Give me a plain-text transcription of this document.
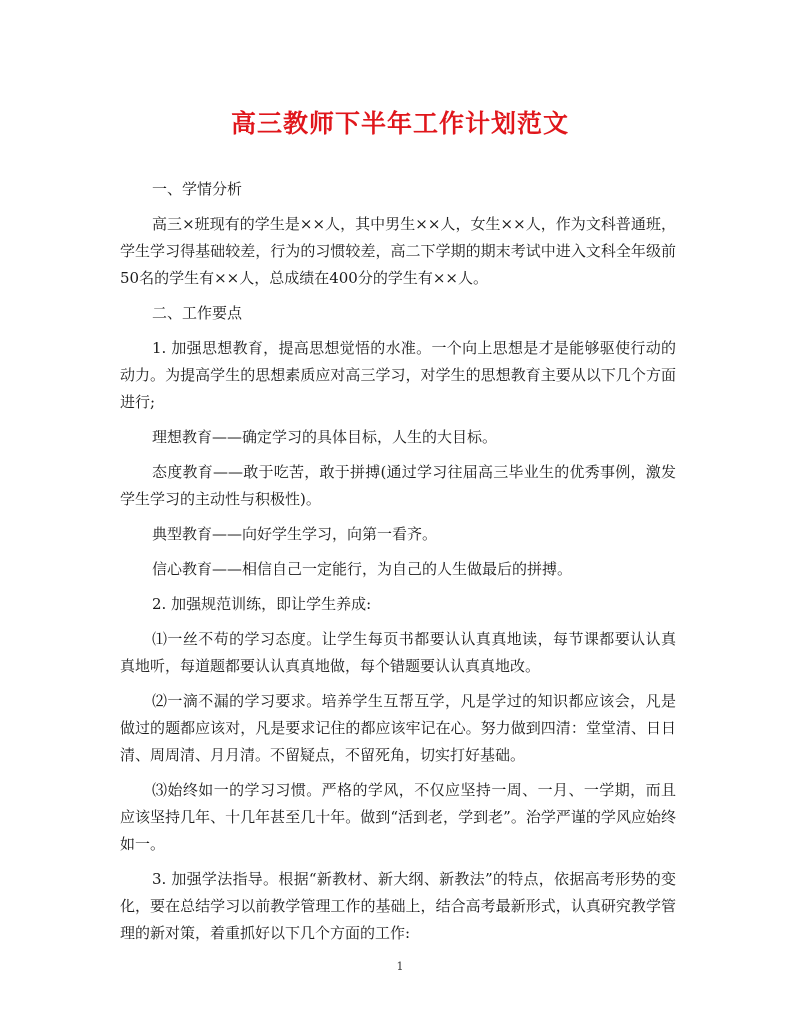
高三教师下半年工作计划范文

一、学情分析

高三×班现有的学生是××人，其中男生××人，女生××人，作为文科普通班，学生学习得基础较差，行为的习惯较差，高二下学期的期末考试中进入文科全年级前50名的学生有××人，总成绩在400分的学生有××人。

二、工作要点

1. 加强思想教育，提高思想觉悟的水准。一个向上思想是才是能够驱使行动的动力。为提高学生的思想素质应对高三学习，对学生的思想教育主要从以下几个方面进行;

理想教育——确定学习的具体目标，人生的大目标。

态度教育——敢于吃苦，敢于拼搏(通过学习往届高三毕业生的优秀事例，激发学生学习的主动性与积极性)。

典型教育——向好学生学习，向第一看齐。

信心教育——相信自己一定能行，为自己的人生做最后的拼搏。

2. 加强规范训练，即让学生养成:

⑴一丝不苟的学习态度。让学生每页书都要认认真真地读，每节课都要认认真真地听，每道题都要认认真真地做，每个错题要认认真真地改。

⑵一滴不漏的学习要求。培养学生互帮互学，凡是学过的知识都应该会，凡是做过的题都应该对，凡是要求记住的都应该牢记在心。努力做到四清：堂堂清、日日清、周周清、月月清。不留疑点，不留死角，切实打好基础。

⑶始终如一的学习习惯。严格的学风，不仅应坚持一周、一月、一学期，而且应该坚持几年、十几年甚至几十年。做到“活到老，学到老”。治学严谨的学风应始终如一。

3. 加强学法指导。根据“新教材、新大纲、新教法”的特点，依据高考形势的变化，要在总结学习以前教学管理工作的基础上，结合高考最新形式，认真研究教学管理的新对策，着重抓好以下几个方面的工作:

1
